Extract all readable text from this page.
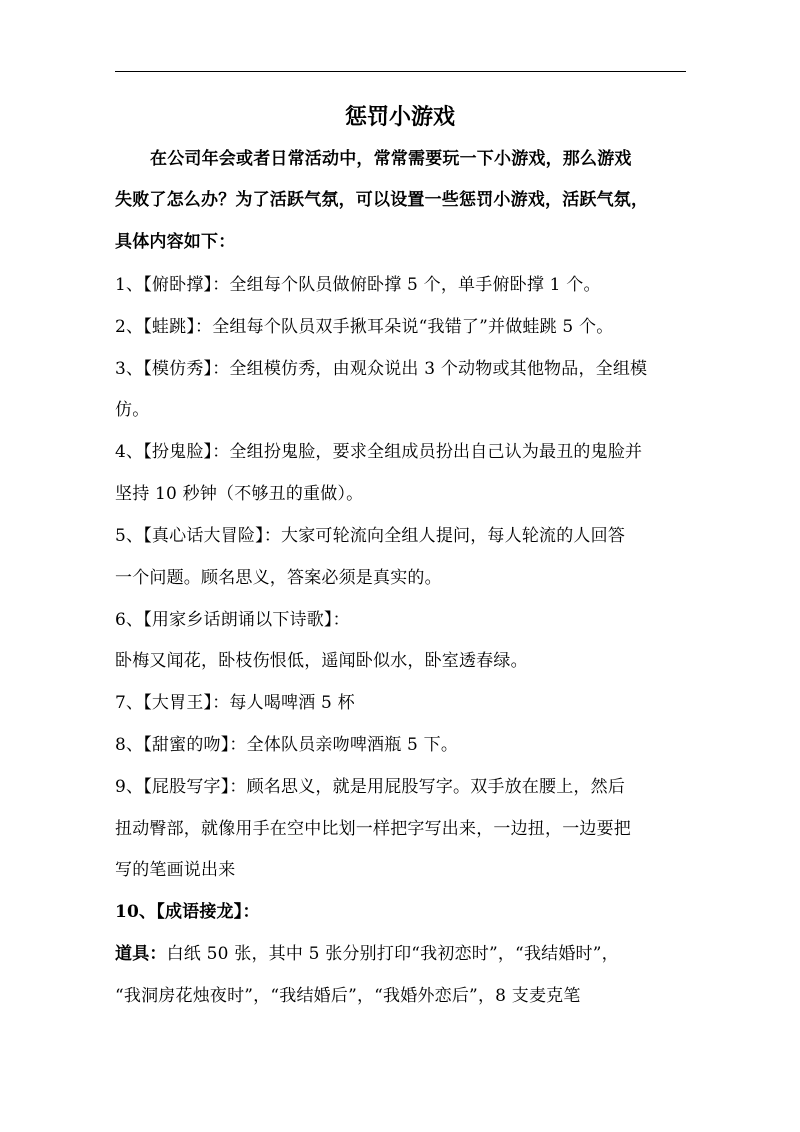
惩罚小游戏
在公司年会或者日常活动中，常常需要玩一下小游戏，那么游戏
失败了怎么办？为了活跃气氛，可以设置一些惩罚小游戏，活跃气氛，
具体内容如下：
1、【俯卧撑】：全组每个队员做俯卧撑 5 个，单手俯卧撑 1 个。
2、【蛙跳】：全组每个队员双手揪耳朵说“我错了”并做蛙跳 5 个。
3、【模仿秀】：全组模仿秀，由观众说出 3 个动物或其他物品，全组模
仿。
4、【扮鬼脸】：全组扮鬼脸，要求全组成员扮出自己认为最丑的鬼脸并
坚持 10 秒钟（不够丑的重做）。
5、【真心话大冒险】：大家可轮流向全组人提问，每人轮流的人回答
一个问题。顾名思义，答案必须是真实的。
6、【用家乡话朗诵以下诗歌】：
卧梅又闻花，卧枝伤恨低，遥闻卧似水，卧室透春绿。
7、【大胃王】：每人喝啤酒 5 杯
8、【甜蜜的吻】：全体队员亲吻啤酒瓶 5 下。
9、【屁股写字】：顾名思义，就是用屁股写字。双手放在腰上，然后
扭动臀部，就像用手在空中比划一样把字写出来，一边扭，一边要把
写的笔画说出来
10、【成语接龙】：
道具：白纸 50 张，其中 5 张分别打印“我初恋时”，“我结婚时”，
“我洞房花烛夜时”，“我结婚后”，“我婚外恋后”，8 支麦克笔
